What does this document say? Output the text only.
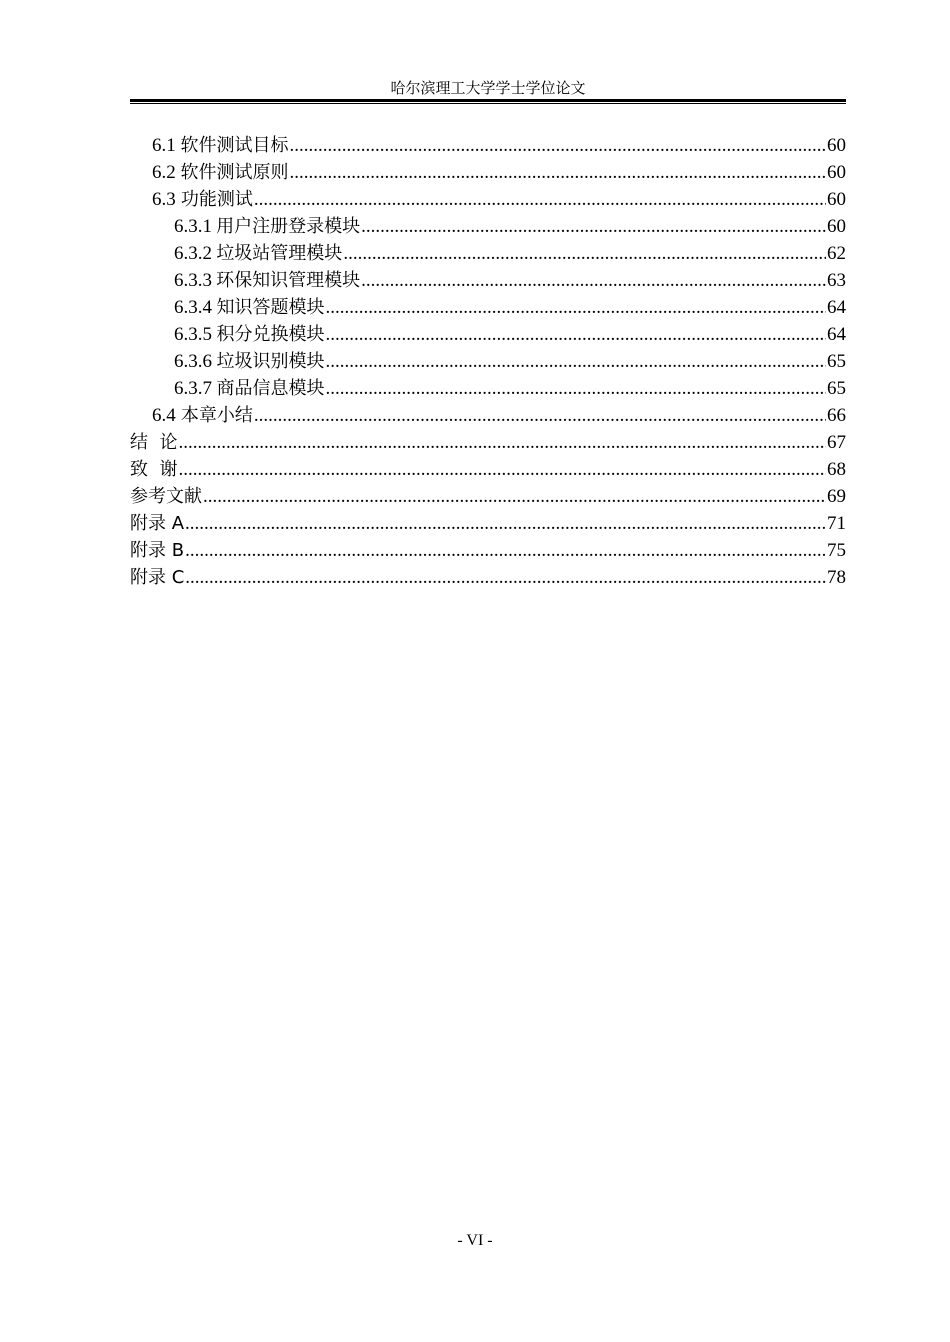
哈尔滨理工大学学士学位论文
6.1 软件测试目标 .....	60
6.2 软件测试原则 .....	60
6.3 功能测试 .....	60
6.3.1 用户注册登录模块 .....	60
6.3.2 垃圾站管理模块 .....	62
6.3.3 环保知识管理模块 .....	63
6.3.4 知识答题模块 .....	64
6.3.5 积分兑换模块 .....	64
6.3.6 垃圾识别模块 .....	65
6.3.7 商品信息模块 .....	65
6.4 本章小结 .....	66
结  论 .....	67
致  谢 .....	68
参考文献 .....	69
附录 A .....	71
附录 B .....	75
附录 C .....	78
- VI -
